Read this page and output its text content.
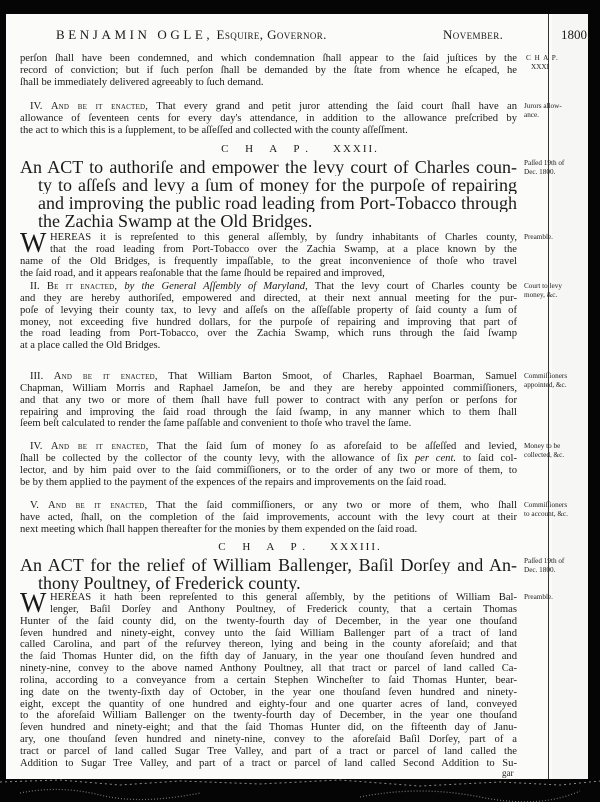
BENJAMIN OGLE, Esquire, Governor.	November.	1800.
perſon ſhall have been condemned, and which condemnation ſhall appear to the ſaid juſtices by the
record of conviction; but if ſuch perſon ſhall be demanded by the ſtate from whence he eſcaped, he
ſhall be immediately delivered agreeably to ſuch demand.
C H A P.
XXXI
IV. And be it enacted, That every grand and petit juror attending the ſaid court ſhall have an
allowance of ſeventeen cents for every day's attendance, in addition to the allowance preſcribed by
the act to which this is a ſupplement, to be aſſeſſed and collected with the county aſſeſſment.
Jurors allow-
ance.
C H A P. XXXII.
An ACT to authoriſe and empower the levy court of Charles coun-
ty to aſſeſs and levy a ſum of money for the purpoſe of repairing
and improving the public road leading from Port-Tobacco through
the Zachia Swamp at the Old Bridges.
Paſſed 19th of
Dec. 1800.
W HEREAS it is repreſented to this general aſſembly, by ſundry inhabitants of Charles county,
that the road leading from Port-Tobacco over the Zachia Swamp, at a place known by the
name of the Old Bridges, is frequently impaſſable, to the great inconvenience of thoſe who travel
the ſaid road, and it appears reaſonable that the ſame ſhould be repaired and improved,
Preamble.
II. Be it enacted, by the General Aſſembly of Maryland, That the levy court of Charles county be
and they are hereby authoriſed, empowered and directed, at their next annual meeting for the pur-
poſe of levying their county tax, to levy and aſſeſs on the aſſeſſable property of ſaid county a ſum of
money, not exceeding five hundred dollars, for the purpoſe of repairing and improving that part of
the road leading from Port-Tobacco, over the Zachia Swamp, which runs through the ſaid ſwamp
at a place called the Old Bridges.
Court to levy
money, &c.
III. And be it enacted, That William Barton Smoot, of Charles, Raphael Boarman, Samuel
Chapman, William Morris and Raphael Jameſon, be and they are hereby appointed commiſſioners,
and that any two or more of them ſhall have full power to contract with any perſon or perſons for
repairing and improving the ſaid road through the ſaid ſwamp, in any manner which to them ſhall
ſeem beſt calculated to render the ſame paſſable and convenient to thoſe who travel the ſame.
Commiſſioners
appointed, &c.
IV. And be it enacted, That the ſaid ſum of money ſo as aforeſaid to be aſſeſſed and levied,
ſhall be collected by the collector of the county levy, with the allowance of ſix per cent. to ſaid col-
lector, and by him paid over to the ſaid commiſſioners, or to the order of any two or more of them, to
be by them applied to the payment of the expences of the repairs and improvements on the ſaid road.
Money to be
collected, &c.
V. And be it enacted, That the ſaid commiſſioners, or any two or more of them, who ſhall
have acted, ſhall, on the completion of the ſaid improvements, account with the levy court at their
next meeting which ſhall happen thereafter for the monies by them expended on the ſaid road.
Commiſſioners
to account, &c.
C H A P. XXXIII.
An ACT for the relief of William Ballenger, Baſil Dorſey and An-
thony Poultney, of Frederick county.
Paſſed 19th of
Dec. 1800.
W HEREAS it hath been repreſented to this general aſſembly, by the petitions of William Bal-
lenger, Baſil Dorſey and Anthony Poultney, of Frederick county, that a certain Thomas
Hunter of the ſaid county did, on the twenty-fourth day of December, in the year one thouſand
ſeven hundred and ninety-eight, convey unto the ſaid William Ballenger part of a tract of land
called Carolina, and part of the reſurvey thereon, lying and being in the county aforeſaid; and that
the ſaid Thomas Hunter did, on the fifth day of January, in the year one thouſand ſeven hundred and
ninety-nine, convey to the above named Anthony Poultney, all that tract or parcel of land called Ca-
rolina, according to a conveyance from a certain Stephen Wincheſter to ſaid Thomas Hunter, bear-
ing date on the twenty-ſixth day of October, in the year one thouſand ſeven hundred and ninety-
eight, except the quantity of one hundred and eighty-four and one quarter acres of land, conveyed
to the aforeſaid William Ballenger on the twenty-fourth day of December, in the year one thouſand
ſeven hundred and ninety-eight; and that the ſaid Thomas Hunter did, on the fifteenth day of Janu-
ary, one thouſand ſeven hundred and ninety-nine, convey to the aforeſaid Baſil Dorſey, part of a
tract or parcel of land called Sugar Tree Valley, and part of a tract or parcel of land called the
Addition to Sugar Tree Valley, and part of a tract or parcel of land called Second Addition to Su-
Preamble.
gar
